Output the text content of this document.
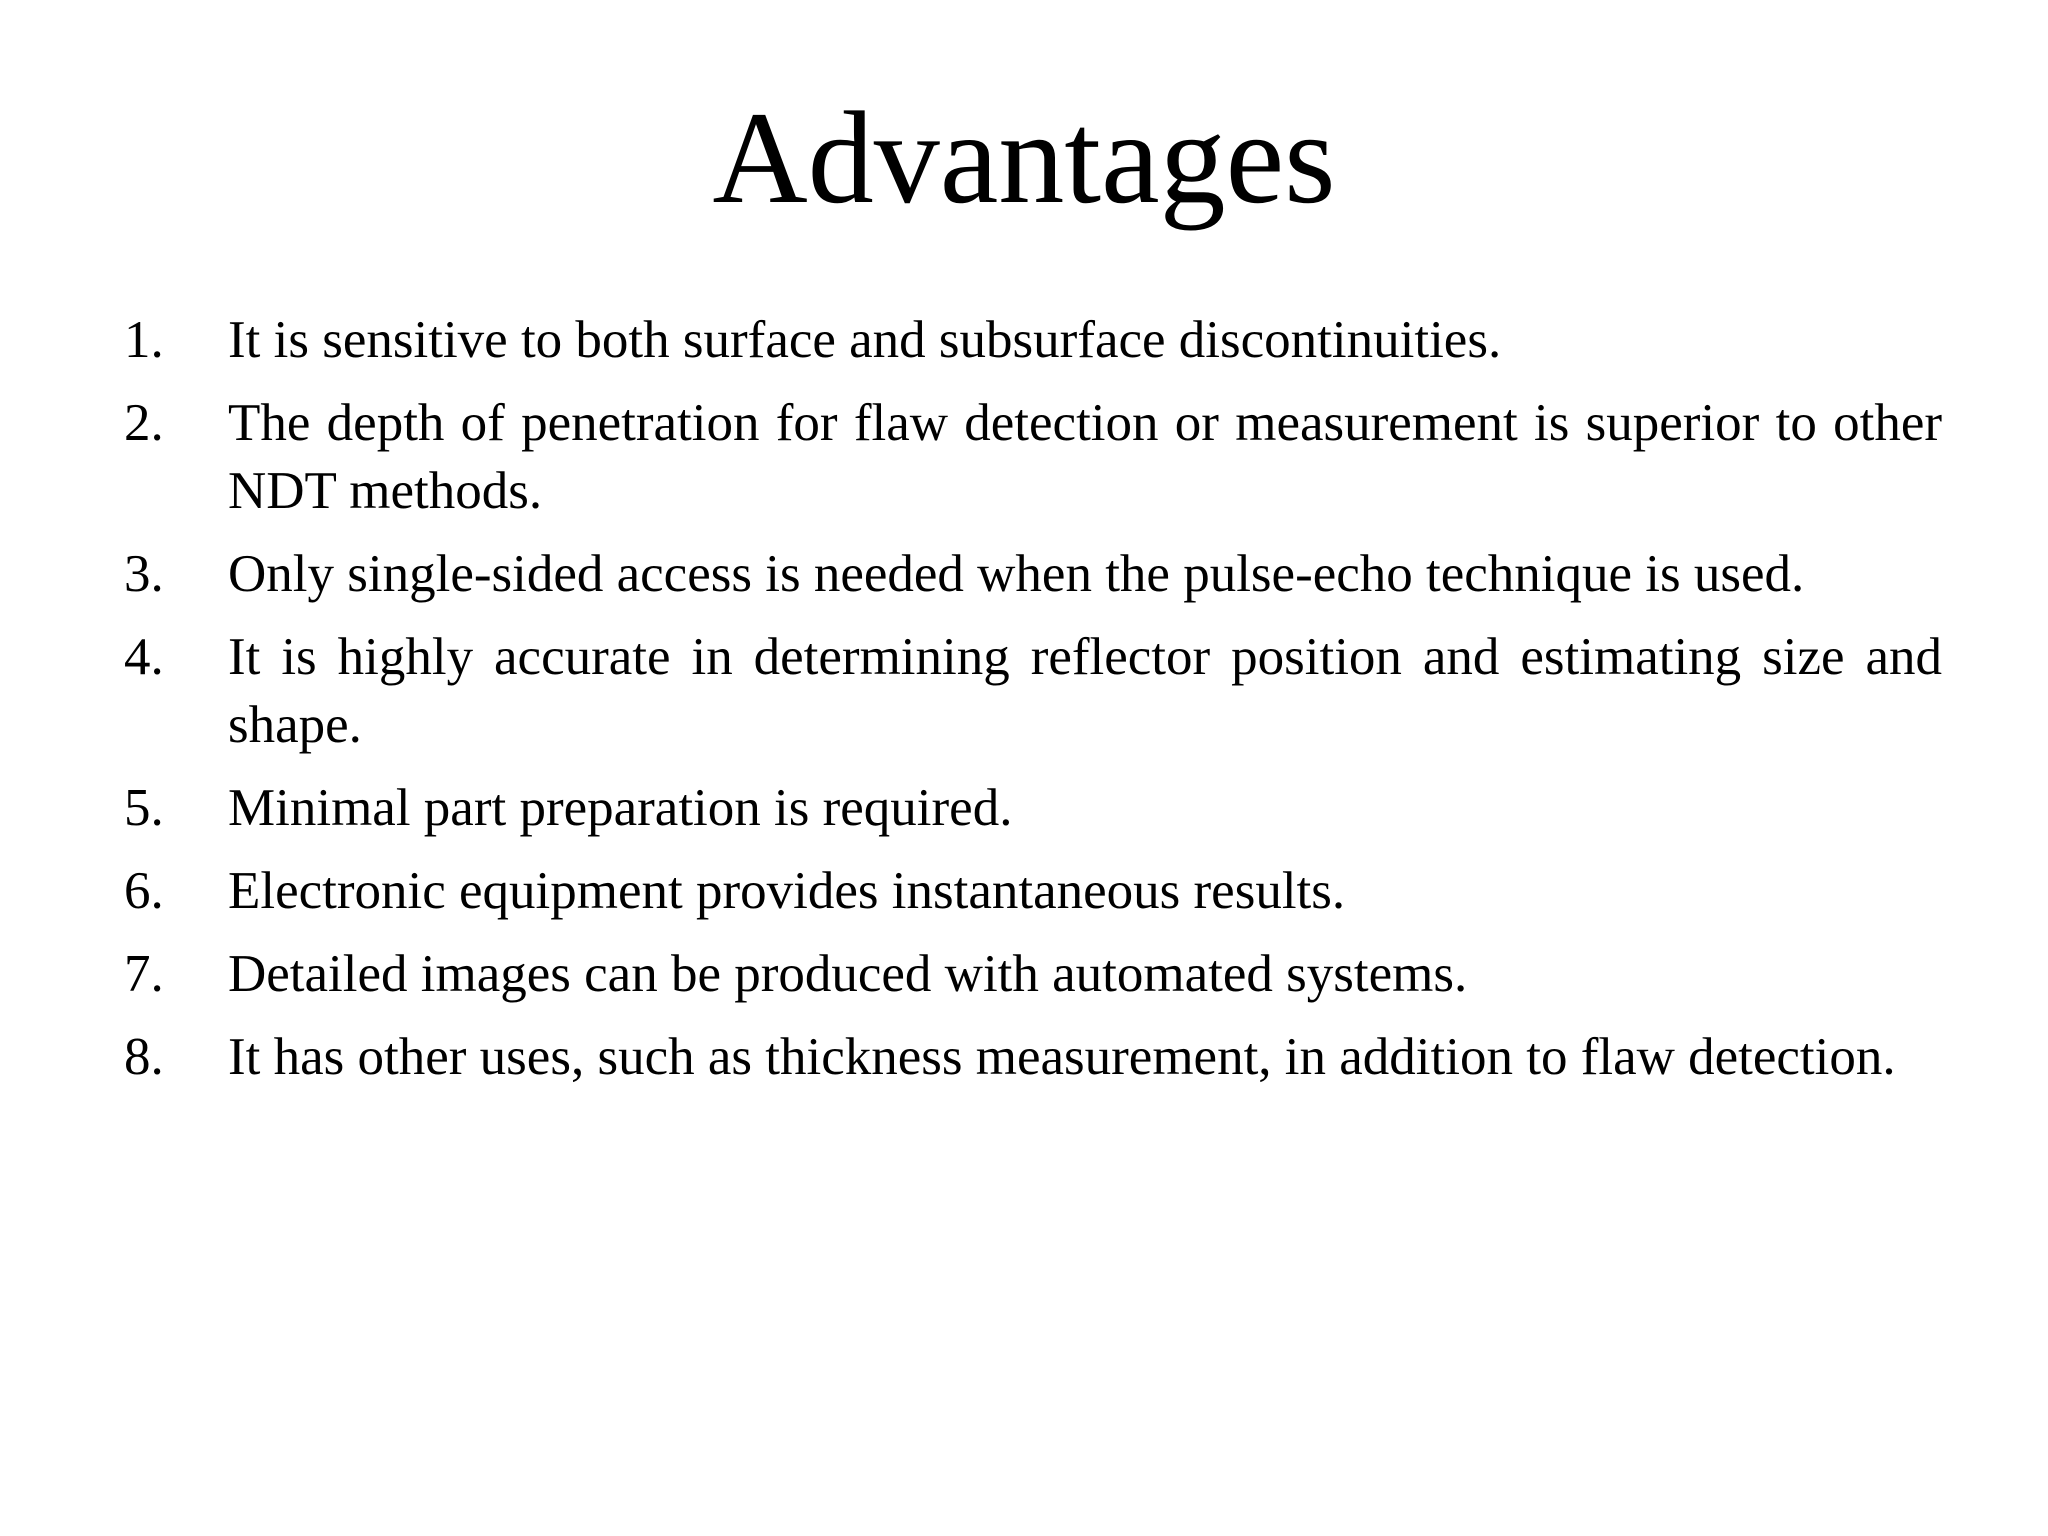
Advantages
1. It is sensitive to both surface and subsurface discontinuities.
2. The depth of penetration for flaw detection or measurement is superior to other NDT methods.
3. Only single-sided access is needed when the pulse-echo technique is used.
4. It is highly accurate in determining reflector position and estimating size and shape.
5. Minimal part preparation is required.
6. Electronic equipment provides instantaneous results.
7. Detailed images can be produced with automated systems.
8. It has other uses, such as thickness measurement, in addition to flaw detection.
